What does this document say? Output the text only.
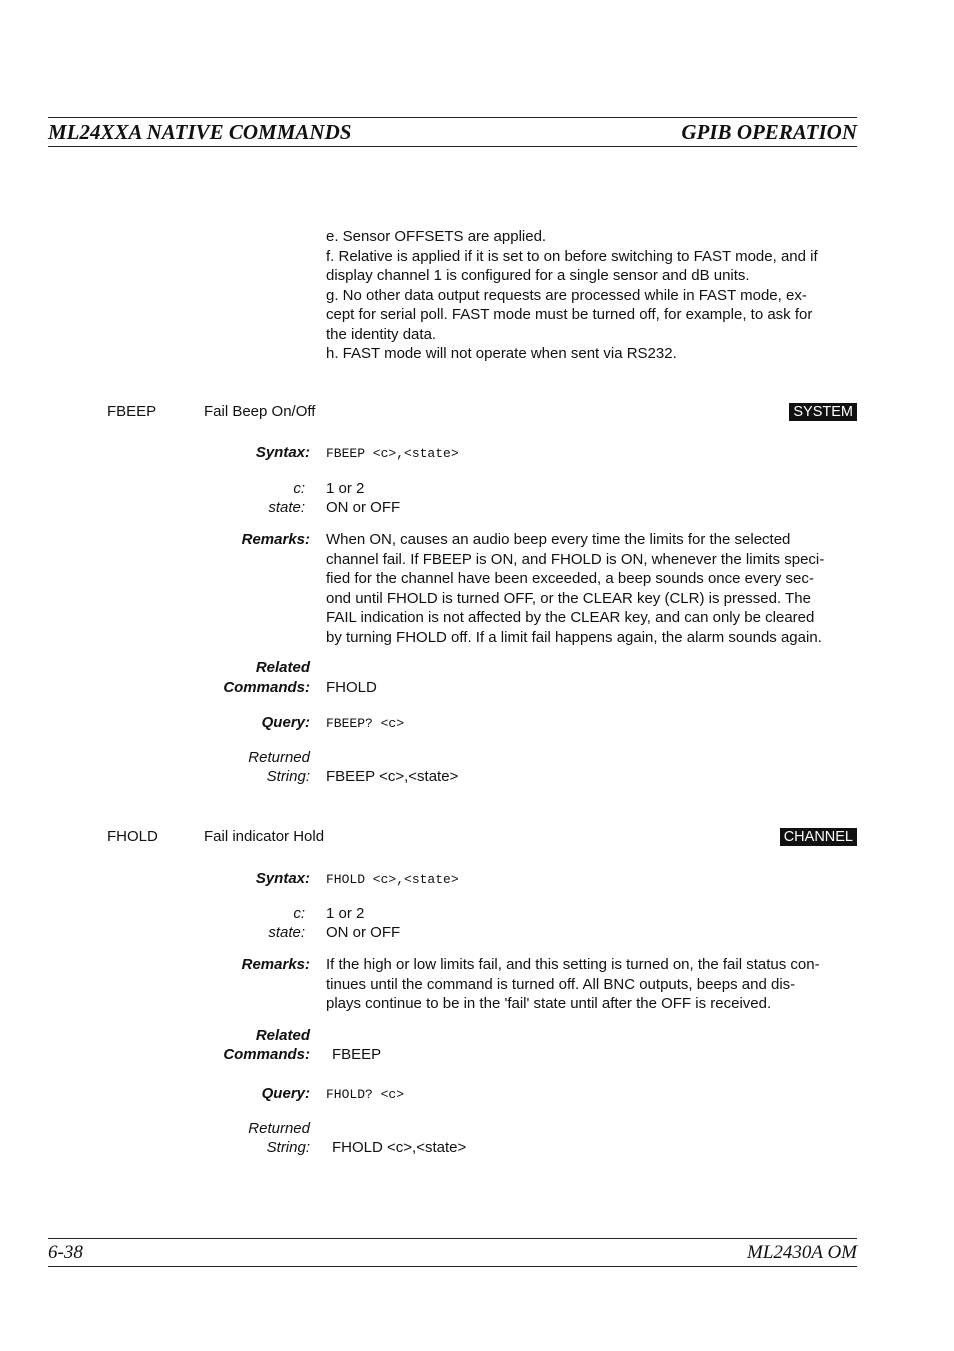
ML24XXA NATIVE COMMANDS	GPIB OPERATION
e. Sensor OFFSETS are applied.
f. Relative is applied if it is set to on before switching to FAST mode, and if
display channel 1 is configured for a single sensor and dB units.
g. No other data output requests are processed while in FAST mode, ex-
cept for serial poll. FAST mode must be turned off, for example, to ask for
the identity data.
h. FAST mode will not operate when sent via RS232.
FBEEP	Fail Beep On/Off	SYSTEM
Syntax: FBEEP <c>,<state>
c: 1 or 2
state: ON or OFF
Remarks: When ON, causes an audio beep every time the limits for the selected
channel fail. If FBEEP is ON, and FHOLD is ON, whenever the limits speci-
fied for the channel have been exceeded, a beep sounds once every sec-
ond until FHOLD is turned OFF, or the CLEAR key (CLR) is pressed. The
FAIL indication is not affected by the CLEAR key, and can only be cleared
by turning FHOLD off. If a limit fail happens again, the alarm sounds again.
Related
Commands: FHOLD
Query: FBEEP? <c>
Returned
String: FBEEP <c>,<state>
FHOLD	Fail indicator Hold	CHANNEL
Syntax: FHOLD <c>,<state>
c: 1 or 2
state: ON or OFF
Remarks: If the high or low limits fail, and this setting is turned on, the fail status con-
tinues until the command is turned off. All BNC outputs, beeps and dis-
plays continue to be in the 'fail' state until after the OFF is received.
Related
Commands: FBEEP
Query: FHOLD? <c>
Returned
String: FHOLD <c>,<state>
6-38	ML2430A OM
